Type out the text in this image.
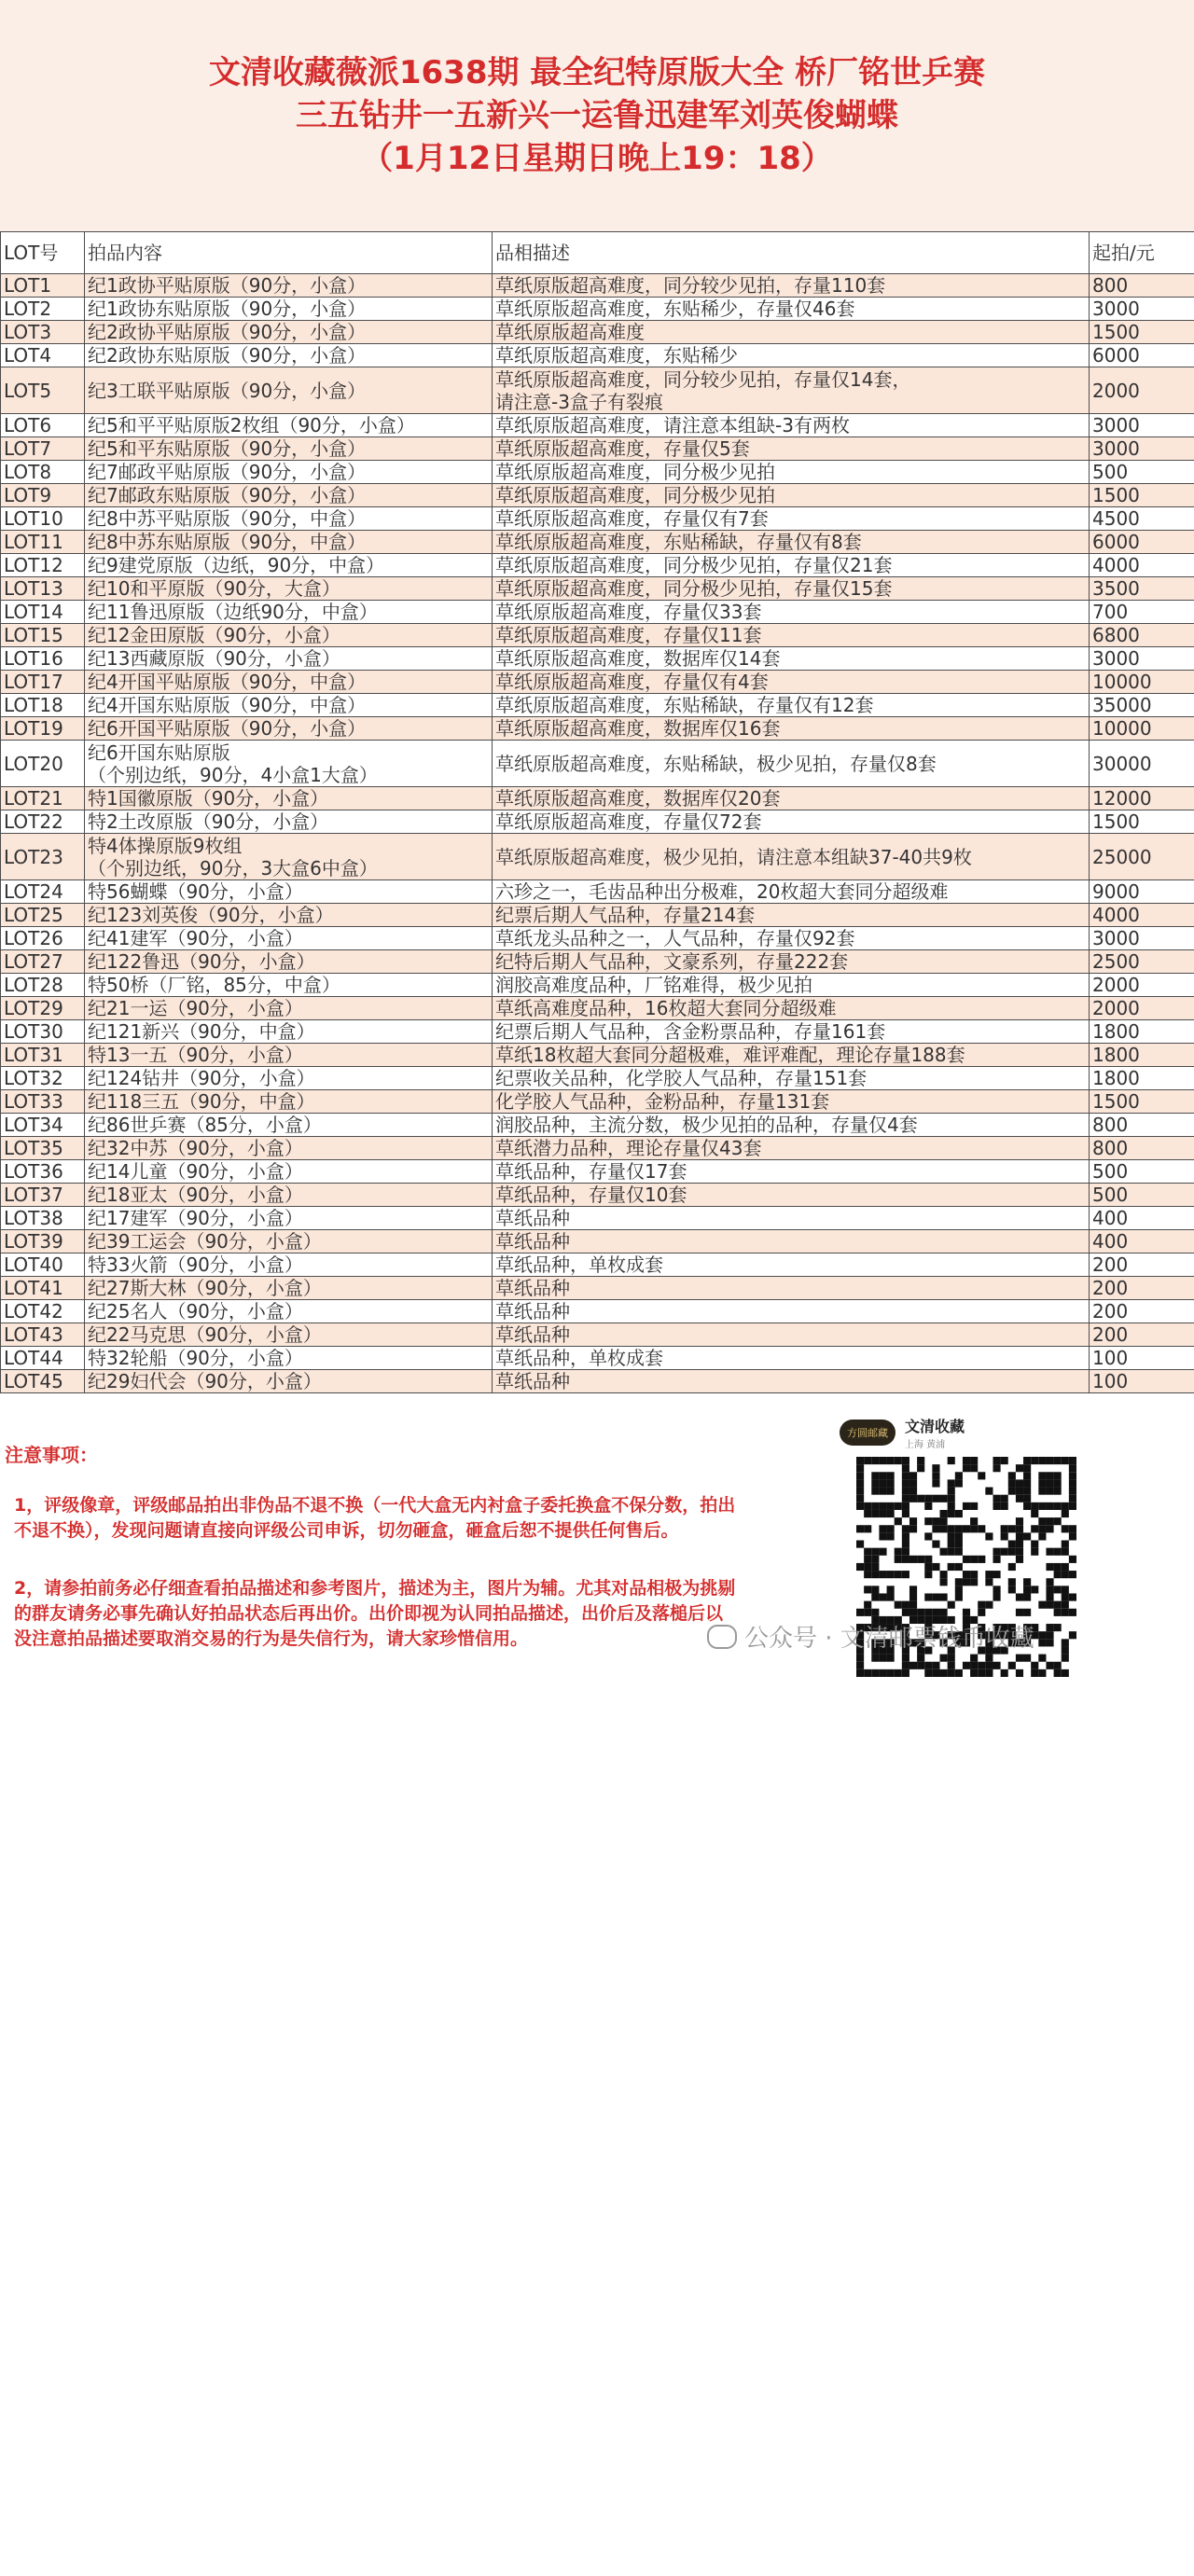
文清收藏薇派1638期 最全纪特原版大全 桥厂铭世乒赛
三五钻井一五新兴一运鲁迅建军刘英俊蝴蝶
（1月12日星期日晚上19：18）
LOT号	拍品内容	品相描述	起拍/元
LOT1	纪1政协平贴原版（90分，小盒）	草纸原版超高难度，同分较少见拍，存量110套	800
LOT2	纪1政协东贴原版（90分，小盒）	草纸原版超高难度，东贴稀少，存量仅46套	3000
LOT3	纪2政协平贴原版（90分，小盒）	草纸原版超高难度	1500
LOT4	纪2政协东贴原版（90分，小盒）	草纸原版超高难度，东贴稀少	6000
LOT5	纪3工联平贴原版（90分，小盒）	草纸原版超高难度，同分较少见拍，存量仅14套，
请注意-3盒子有裂痕	2000
LOT6	纪5和平平贴原版2枚组（90分，小盒）	草纸原版超高难度，请注意本组缺-3有两枚	3000
LOT7	纪5和平东贴原版（90分，小盒）	草纸原版超高难度，存量仅5套	3000
LOT8	纪7邮政平贴原版（90分，小盒）	草纸原版超高难度，同分极少见拍	500
LOT9	纪7邮政东贴原版（90分，小盒）	草纸原版超高难度，同分极少见拍	1500
LOT10	纪8中苏平贴原版（90分，中盒）	草纸原版超高难度，存量仅有7套	4500
LOT11	纪8中苏东贴原版（90分，中盒）	草纸原版超高难度，东贴稀缺，存量仅有8套	6000
LOT12	纪9建党原版（边纸，90分，中盒）	草纸原版超高难度，同分极少见拍，存量仅21套	4000
LOT13	纪10和平原版（90分，大盒）	草纸原版超高难度，同分极少见拍，存量仅15套	3500
LOT14	纪11鲁迅原版（边纸90分，中盒）	草纸原版超高难度，存量仅33套	700
LOT15	纪12金田原版（90分，小盒）	草纸原版超高难度，存量仅11套	6800
LOT16	纪13西藏原版（90分，小盒）	草纸原版超高难度，数据库仅14套	3000
LOT17	纪4开国平贴原版（90分，中盒）	草纸原版超高难度，存量仅有4套	10000
LOT18	纪4开国东贴原版（90分，中盒）	草纸原版超高难度，东贴稀缺，存量仅有12套	35000
LOT19	纪6开国平贴原版（90分，小盒）	草纸原版超高难度，数据库仅16套	10000
LOT20	纪6开国东贴原版
（个别边纸，90分，4小盒1大盒）	草纸原版超高难度，东贴稀缺，极少见拍，存量仅8套	30000
LOT21	特1国徽原版（90分，小盒）	草纸原版超高难度，数据库仅20套	12000
LOT22	特2土改原版（90分，小盒）	草纸原版超高难度，存量仅72套	1500
LOT23	特4体操原版9枚组
（个别边纸，90分，3大盒6中盒）	草纸原版超高难度，极少见拍，请注意本组缺37-40共9枚	25000
LOT24	特56蝴蝶（90分，小盒）	六珍之一，毛齿品种出分极难，20枚超大套同分超级难	9000
LOT25	纪123刘英俊（90分，小盒）	纪票后期人气品种，存量214套	4000
LOT26	纪41建军（90分，小盒）	草纸龙头品种之一，人气品种，存量仅92套	3000
LOT27	纪122鲁迅（90分，小盒）	纪特后期人气品种，文豪系列，存量222套	2500
LOT28	特50桥（厂铭，85分，中盒）	润胶高难度品种，厂铭难得，极少见拍	2000
LOT29	纪21一运（90分，小盒）	草纸高难度品种，16枚超大套同分超级难	2000
LOT30	纪121新兴（90分，中盒）	纪票后期人气品种，含金粉票品种，存量161套	1800
LOT31	特13一五（90分，小盒）	草纸18枚超大套同分超极难，难评难配，理论存量188套	1800
LOT32	纪124钻井（90分，小盒）	纪票收关品种，化学胶人气品种，存量151套	1800
LOT33	纪118三五（90分，中盒）	化学胶人气品种，金粉品种，存量131套	1500
LOT34	纪86世乒赛（85分，小盒）	润胶品种，主流分数，极少见拍的品种，存量仅4套	800
LOT35	纪32中苏（90分，小盒）	草纸潜力品种，理论存量仅43套	800
LOT36	纪14儿童（90分，小盒）	草纸品种，存量仅17套	500
LOT37	纪18亚太（90分，小盒）	草纸品种，存量仅10套	500
LOT38	纪17建军（90分，小盒）	草纸品种	400
LOT39	纪39工运会（90分，小盒）	草纸品种	400
LOT40	特33火箭（90分，小盒）	草纸品种，单枚成套	200
LOT41	纪27斯大林（90分，小盒）	草纸品种	200
LOT42	纪25名人（90分，小盒）	草纸品种	200
LOT43	纪22马克思（90分，小盒）	草纸品种	200
LOT44	特32轮船（90分，小盒）	草纸品种，单枚成套	100
LOT45	纪29妇代会（90分，小盒）	草纸品种	100
注意事项：
1，评级像章，评级邮品拍出非伪品不退不换（一代大盒无内衬盒子委托换盒不保分数，拍出
不退不换），发现问题请直接向评级公司申诉，切勿砸盒，砸盒后恕不提供任何售后。
2，请参拍前务必仔细查看拍品描述和参考图片，描述为主，图片为辅。尤其对品相极为挑剔
的群友请务必事先确认好拍品状态后再出价。出价即视为认同拍品描述，出价后及落槌后以
没注意拍品描述要取消交易的行为是失信行为，请大家珍惜信用。
方圆邮藏	文清收藏
上海 黄浦
公众号 · 文清邮票钱币收藏
